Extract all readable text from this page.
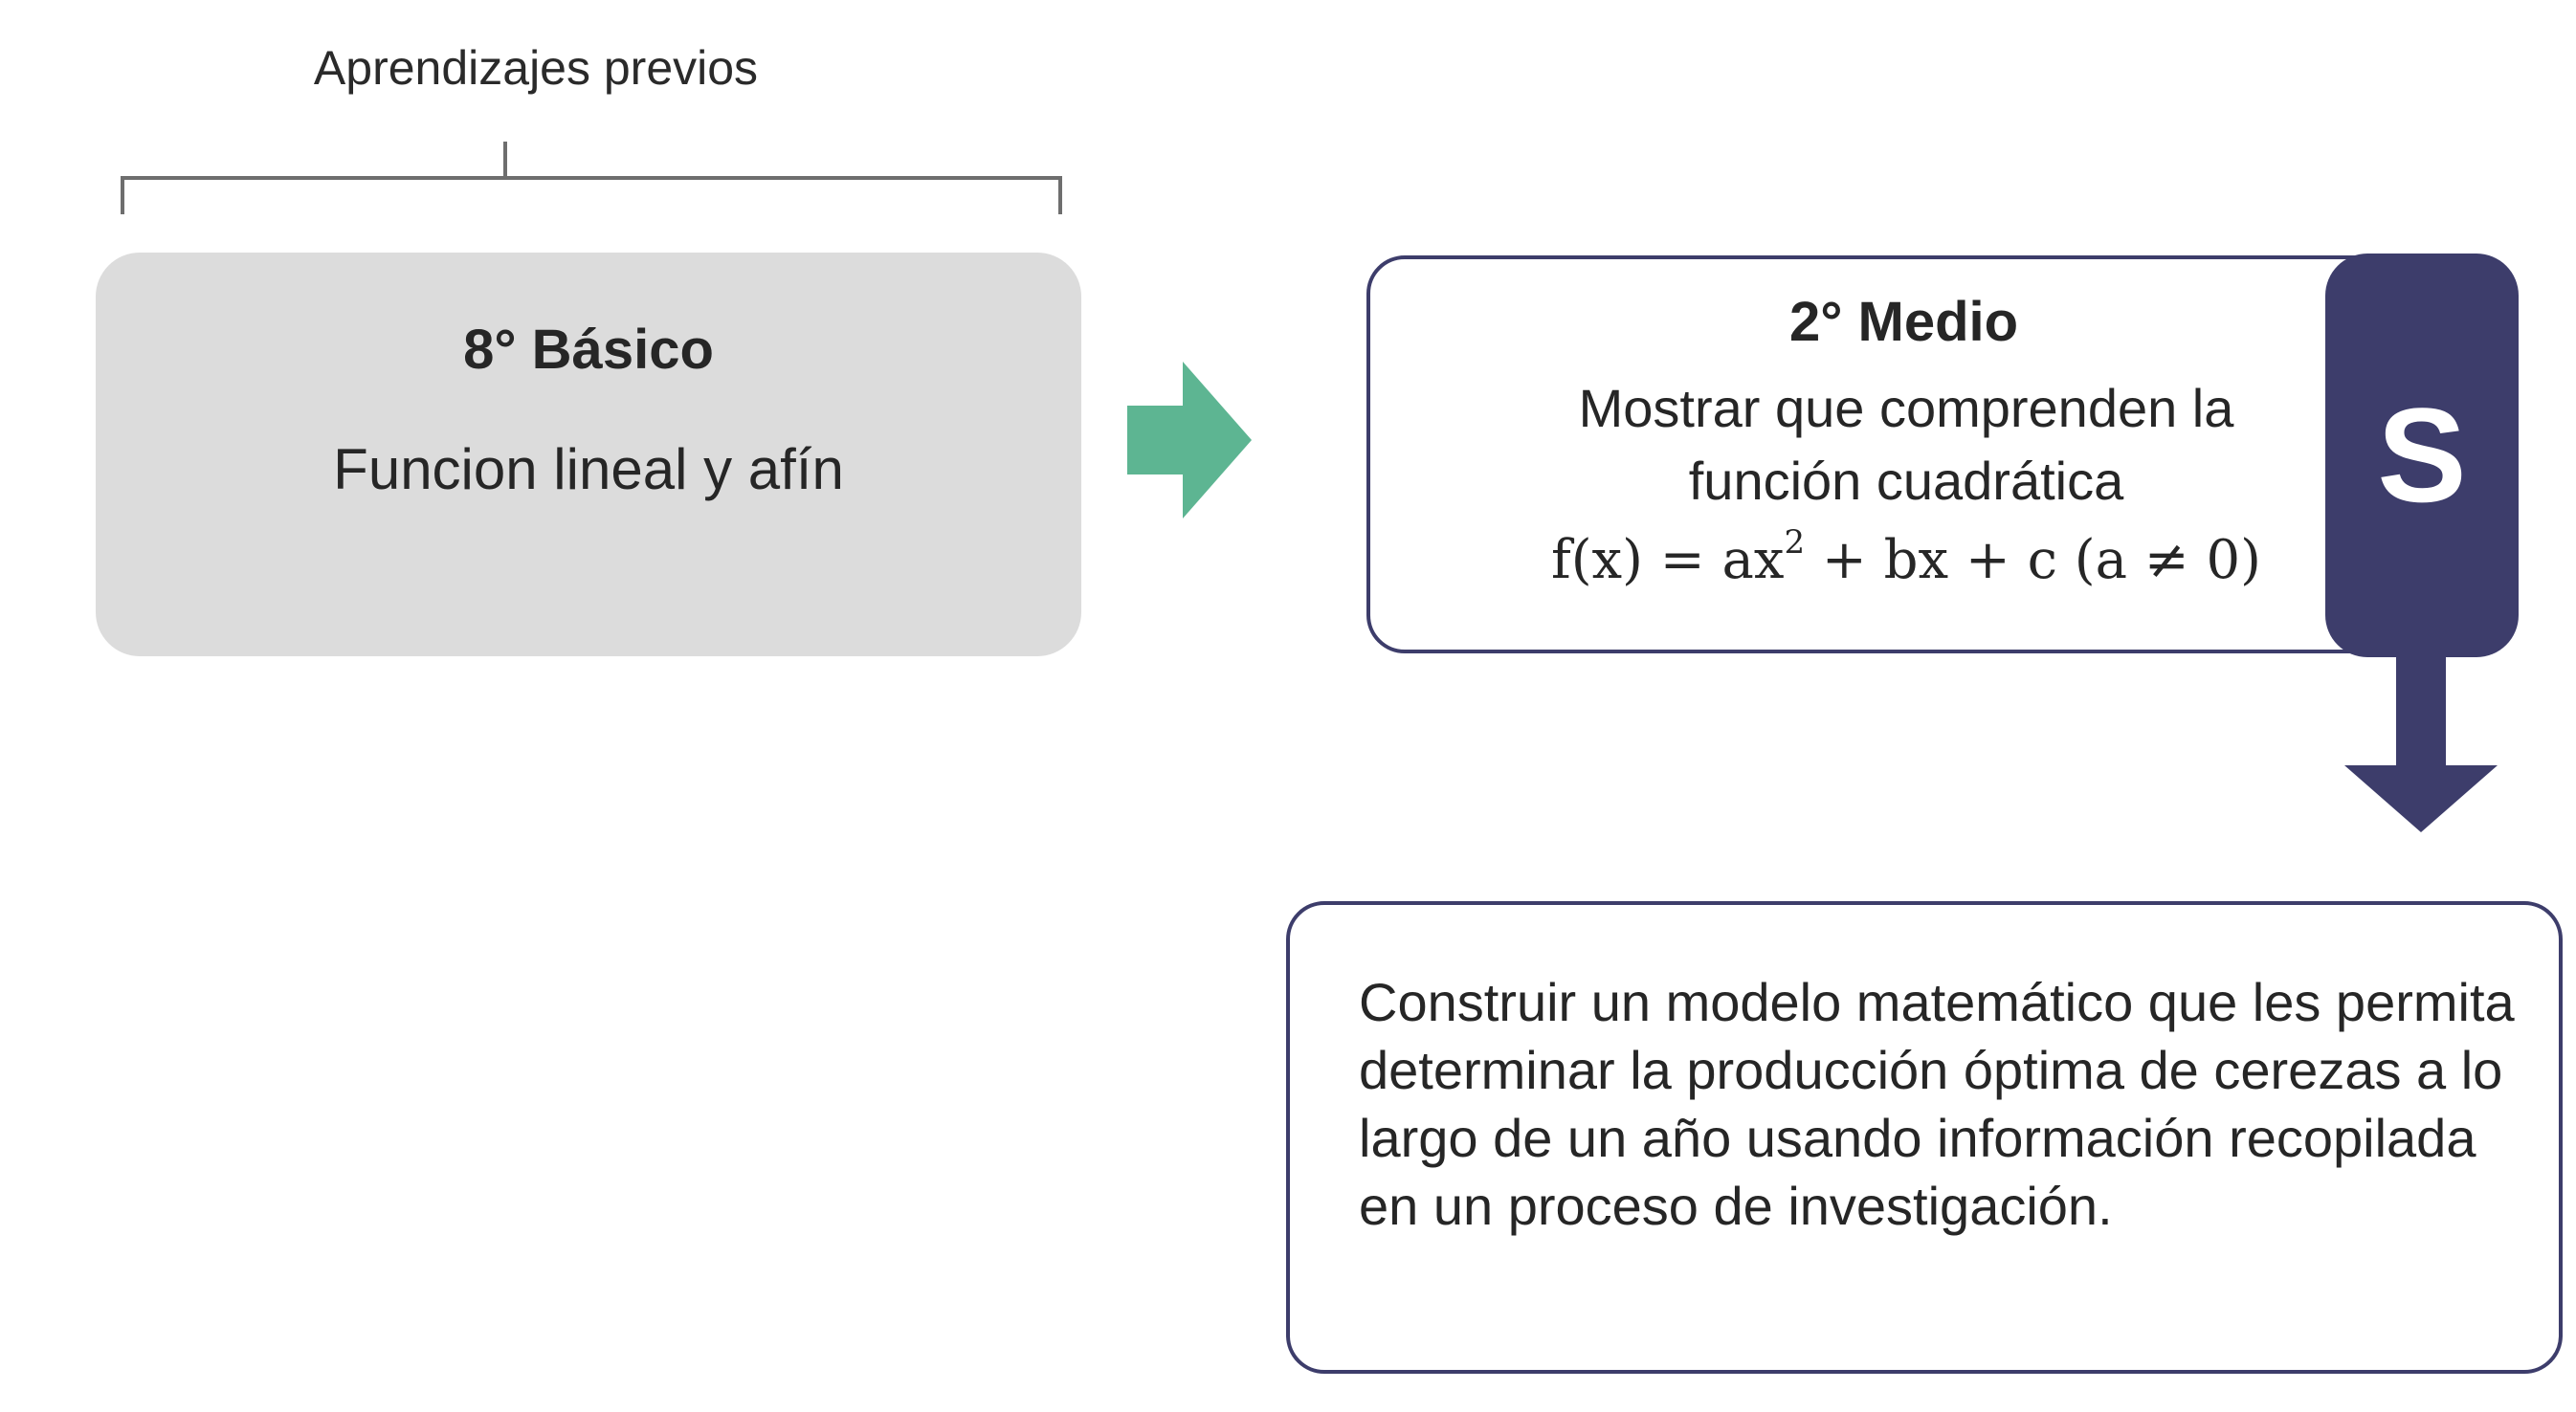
Aprendizajes previos
8° Básico
Funcion lineal y afín
2° Medio
Mostrar que comprenden la función cuadrática
$f(x) = ax^2$ + bx + c (a ≠ 0)
S
Construir un modelo matemático que les permita determinar la producción óptima de cerezas a lo largo de un año usando información recopilada en un proceso de investigación.
